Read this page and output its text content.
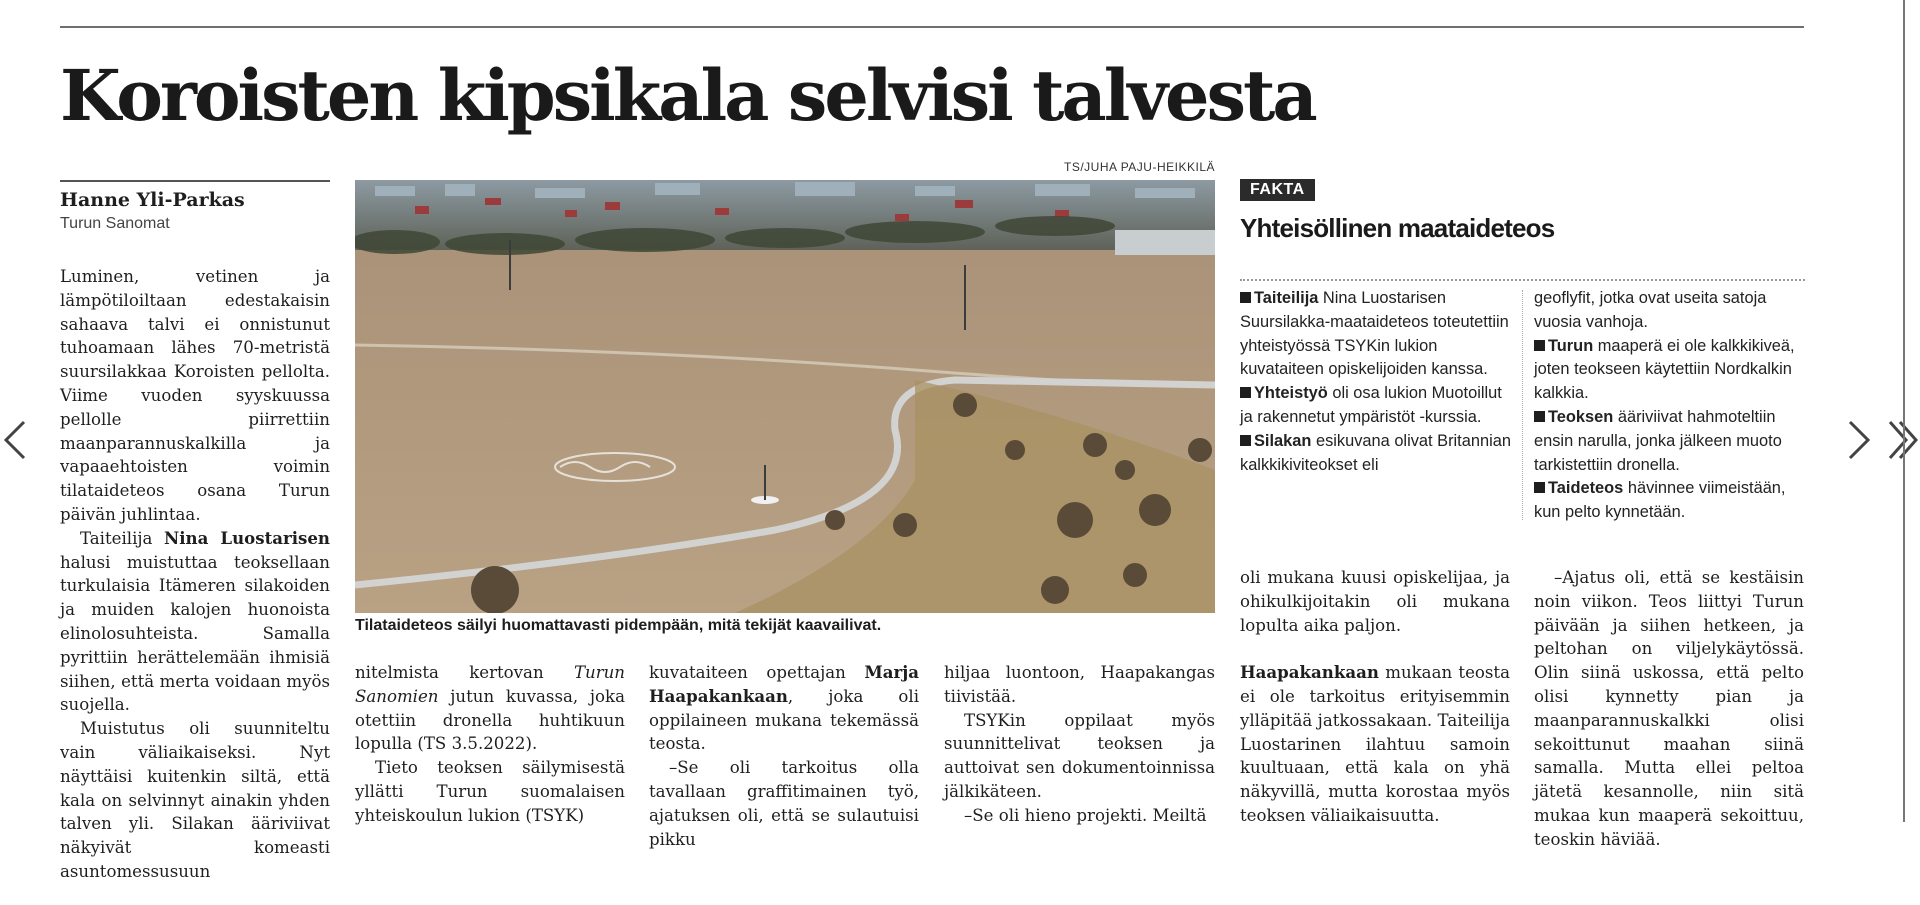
Koroisten kipsikala selvisi talvesta
Hanne Yli-Parkas
Turun Sanomat

Luminen, vetinen ja lämpötiloiltaan edestakaisin sahaava talvi ei onnistunut tuhoamaan lähes 70-metristä suursilakkaa Koroisten pellolta. Viime vuoden syyskuussa pellolle piirrettiin maanparannuskalkilla ja vapaaehtoisten voimin tilataideteos osana Turun päivän juhlintaa.

Taiteilija Nina Luostarisen halusi muistuttaa teoksellaan turkulaisia Itämeren silakoiden ja muiden kalojen huonoista elinolosuhteista. Samalla pyrittiin herättelemään ihmisiä siihen, että merta voidaan myös suojella.

Muistutus oli suunniteltu vain väliaikaiseksi. Nyt näyttäisi kuitenkin siltä, että kala on selvinnyt ainakin yhden talven yli. Silakan ääriviivat näkyivät komeasti asuntomessusuun

TS/JUHA PAJU-HEIKKILÄ
Tilataideteos säilyi huomattavasti pidempään, mitä tekijät kaavailivat.

nitelmista kertovan Turun Sanomien jutun kuvassa, joka otettiin dronella huhtikuun lopulla (TS 3.5.2022).

Tieto teoksen säilymisestä yllätti Turun suomalaisen yhteiskoulun lukion (TSYK)

kuvataiteen opettajan Marja Haapakankaan, joka oli oppilaineen mukana tekemässä teosta.

–Se oli tarkoitus olla tavallaan graffitimainen työ, ajatuksen oli, että se sulautuisi pikku

hiljaa luontoon, Haapakangas tiivistää.

TSYKin oppilaat myös suunnittelivat teoksen ja auttoivat sen dokumentoinnissa jälkikäteen.

–Se oli hieno projekti. Meiltä

FAKTA
Yhteisöllinen maataideteos

Taiteilija Nina Luostarisen Suursilakka-maataideteos toteutettiin yhteistyössä TSYKin lukion kuvataiteen opiskelijoiden kanssa.

Yhteistyö oli osa lukion Muotoillut ja rakennetut ympäristöt -kurssia.

Silakan esikuvana olivat Britannian kalkkikiviteokset eli

geoflyfit, jotka ovat useita satoja vuosia vanhoja.

Turun maaperä ei ole kalkkikiveä, joten teokseen käytettiin Nordkalkin kalkkia.

Teoksen ääriviivat hahmoteltiin ensin narulla, jonka jälkeen muoto tarkistettiin dronella.

Taideteos hävinnee viimeistään, kun pelto kynnetään.

oli mukana kuusi opiskelijaa, ja ohikulkijoitakin oli mukana lopulta aika paljon.

Haapakankaan mukaan teosta ei ole tarkoitus erityisemmin ylläpitää jatkossakaan. Taiteilija Luostarinen ilahtuu samoin kuultuaan, että kala on yhä näkyvillä, mutta korostaa myös teoksen väliaikaisuutta.

–Ajatus oli, että se kestäisin noin viikon. Teos liittyi Turun päivään ja siihen hetkeen, ja peltohan on viljelykäytössä. Olin siinä uskossa, että pelto olisi kynnetty pian ja maanparannuskalkki olisi sekoittunut maahan siinä samalla. Mutta ellei peltoa jätetä kesannolle, niin sitä mukaa kun maaperä sekoittuu, teoskin häviää.
